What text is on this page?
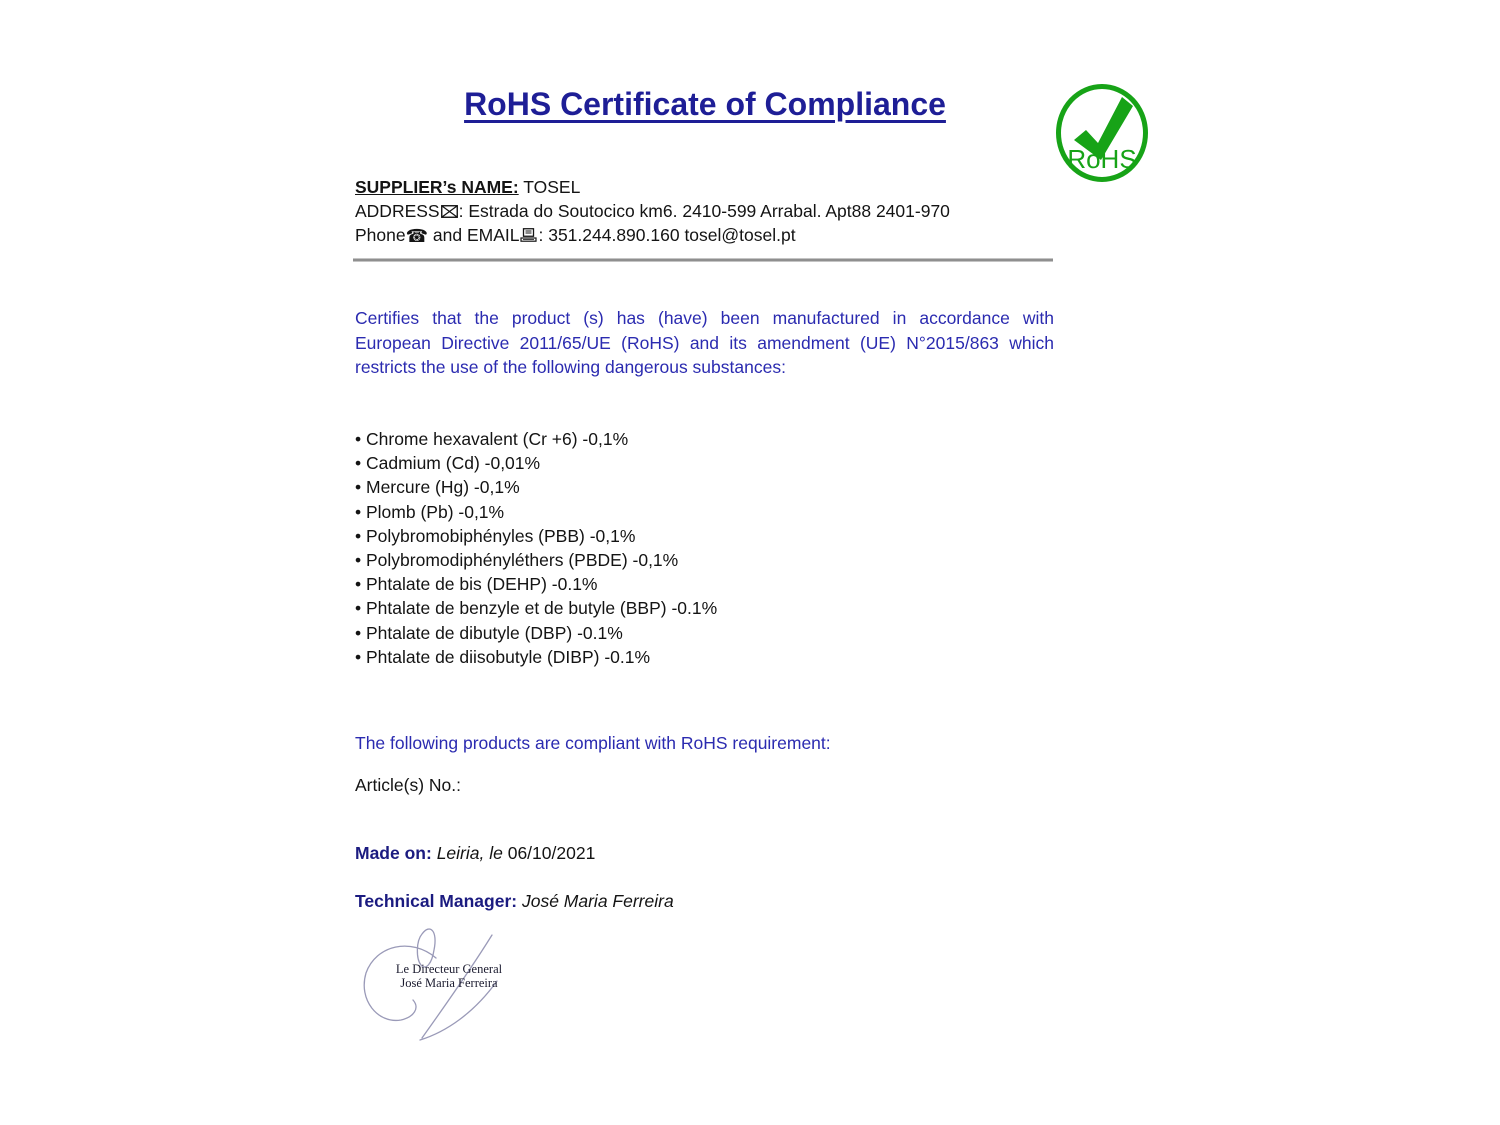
RoHS Certificate of Compliance
RoHS
SUPPLIER’s NAME: TOSEL
ADDRESS : Estrada do Soutocico km6. 2410-599 Arrabal. Apt88 2401-970
Phone☎ and EMAIL : 351.244.890.160 tosel@tosel.pt
Certifies that the product (s) has (have) been manufactured in accordance with
European Directive 2011/65/UE (RoHS) and its amendment (UE) N°2015/863 which
restricts the use of the following dangerous substances:
• Chrome hexavalent (Cr +6) -0,1%
• Cadmium (Cd) -0,01%
• Mercure (Hg) -0,1%
• Plomb (Pb) -0,1%
• Polybromobiphényles (PBB) -0,1%
• Polybromodiphényléthers (PBDE) -0,1%
• Phtalate de bis (DEHP) -0.1%
• Phtalate de benzyle et de butyle (BBP) -0.1%
• Phtalate de dibutyle (DBP) -0.1%
• Phtalate de diisobutyle (DIBP) -0.1%
The following products are compliant with RoHS requirement:
Article(s) No.:
Made on: Leiria, le 06/10/2021
Technical Manager: José Maria Ferreira
Le Directeur General
José Maria Ferreira
